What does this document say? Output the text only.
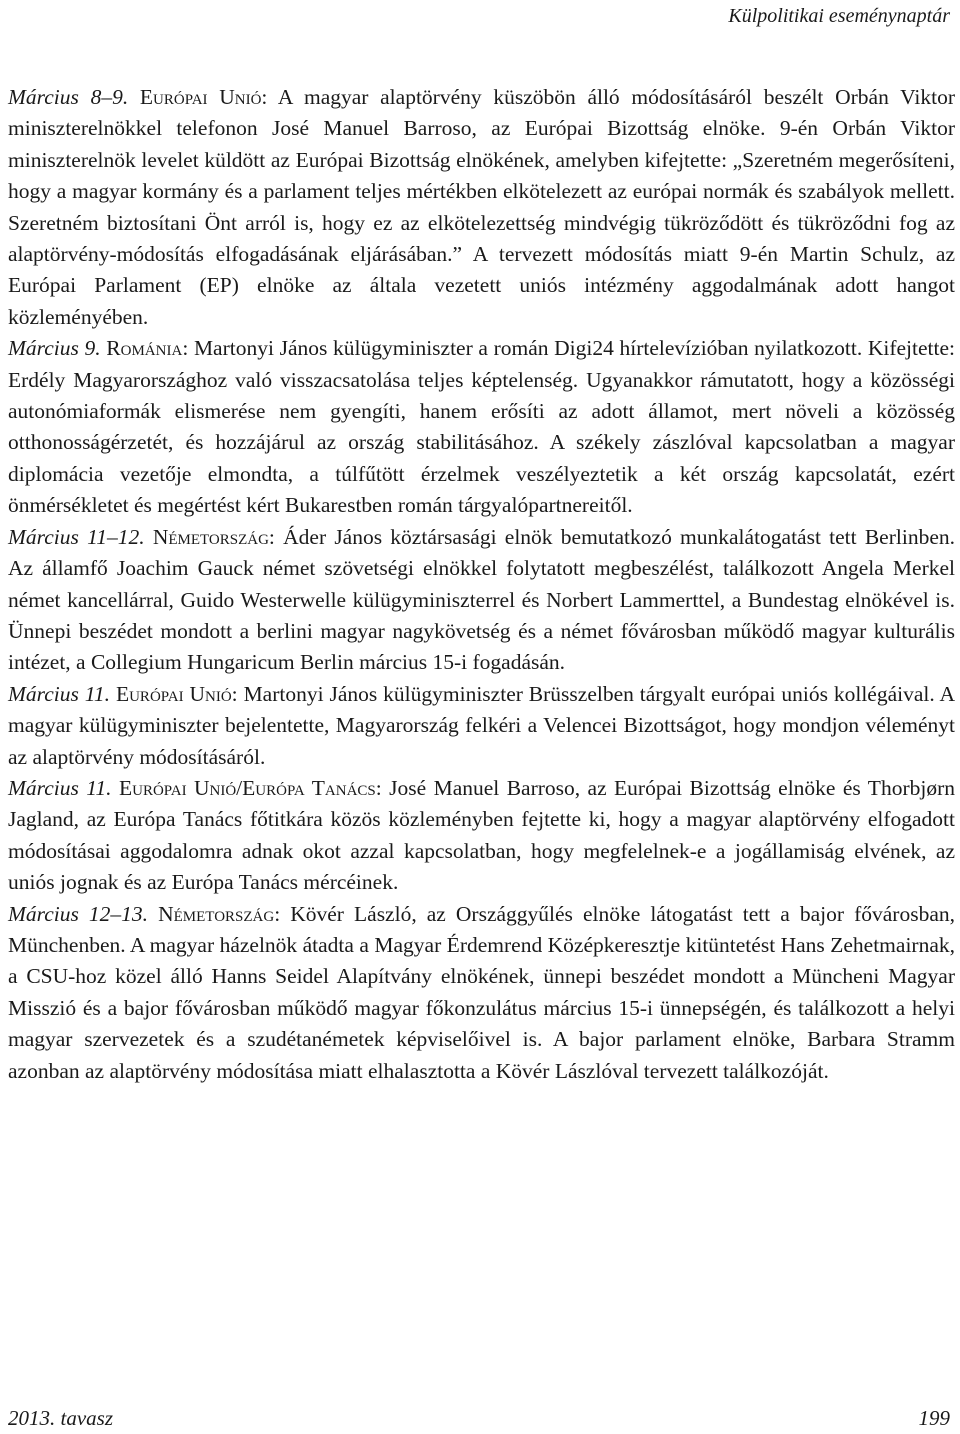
Külpolitikai eseménynaptár

Március 8–9. Európai Unió: A magyar alaptörvény küszöbön álló módosításáról beszélt Orbán Viktor miniszterelnökkel telefonon José Manuel Barroso, az Európai Bizottság elnöke. 9-én Orbán Viktor miniszterelnök levelet küldött az Európai Bizottság elnökének, amelyben kifejtette: „Szeretném megerősíteni, hogy a magyar kormány és a parlament teljes mértékben elkötelezett az európai normák és szabályok mellett. Szeretném biztosítani Önt arról is, hogy ez az elkötelezettség mindvégig tükröződött és tükröződni fog az alaptörvény-módosítás elfogadásának eljárásában.” A tervezett módosítás miatt 9-én Martin Schulz, az Európai Parlament (EP) elnöke az általa vezetett uniós intézmény aggodalmának adott hangot közleményében.

Március 9. Románia: Martonyi János külügyminiszter a román Digi24 hírtelevízióban nyilatkozott. Kifejtette: Erdély Magyarországhoz való visszacsatolása teljes képtelenség. Ugyanakkor rámutatott, hogy a közösségi autonómiaformák elismerése nem gyengíti, hanem erősíti az adott államot, mert növeli a közösség otthonosságérzetét, és hozzájárul az ország stabilitásához. A székely zászlóval kapcsolatban a magyar diplomácia vezetője elmondta, a túlfűtött érzelmek veszélyeztetik a két ország kapcsolatát, ezért önmérsékletet és megértést kért Bukarestben román tárgyalópartnereitől.

Március 11–12. Németország: Áder János köztársasági elnök bemutatkozó munkalátogatást tett Berlinben. Az államfő Joachim Gauck német szövetségi elnökkel folytatott megbeszélést, találkozott Angela Merkel német kancellárral, Guido Westerwelle külügyminiszterrel és Norbert Lammerttel, a Bundestag elnökével is. Ünnepi beszédet mondott a berlini magyar nagykövetség és a német fővárosban működő magyar kulturális intézet, a Collegium Hungaricum Berlin március 15-i fogadásán.

Március 11. Európai Unió: Martonyi János külügyminiszter Brüsszelben tárgyalt európai uniós kollégáival. A magyar külügyminiszter bejelentette, Magyarország felkéri a Velencei Bizottságot, hogy mondjon véleményt az alaptörvény módosításáról.

Március 11. Európai Unió/Európa Tanács: José Manuel Barroso, az Európai Bizottság elnöke és Thorbjørn Jagland, az Európa Tanács főtitkára közös közleményben fejtette ki, hogy a magyar alaptörvény elfogadott módosításai aggodalomra adnak okot azzal kapcsolatban, hogy megfelelnek-e a jogállamiság elvének, az uniós jognak és az Európa Tanács mércéinek.

Március 12–13. Németország: Kövér László, az Országgyűlés elnöke látogatást tett a bajor fővárosban, Münchenben. A magyar házelnök átadta a Magyar Érdemrend Középkeresztje kitüntetést Hans Zehetmairnak, a CSU-hoz közel álló Hanns Seidel Alapítvány elnökének, ünnepi beszédet mondott a Müncheni Magyar Misszió és a bajor fővárosban működő magyar főkonzulátus március 15-i ünnepségén, és találkozott a helyi magyar szervezetek és a szudétanémetek képviselőivel is. A bajor parlament elnöke, Barbara Stramm azonban az alaptörvény módosítása miatt elhalasztotta a Kövér Lászlóval tervezett találkozóját.

2013. tavasz	199
